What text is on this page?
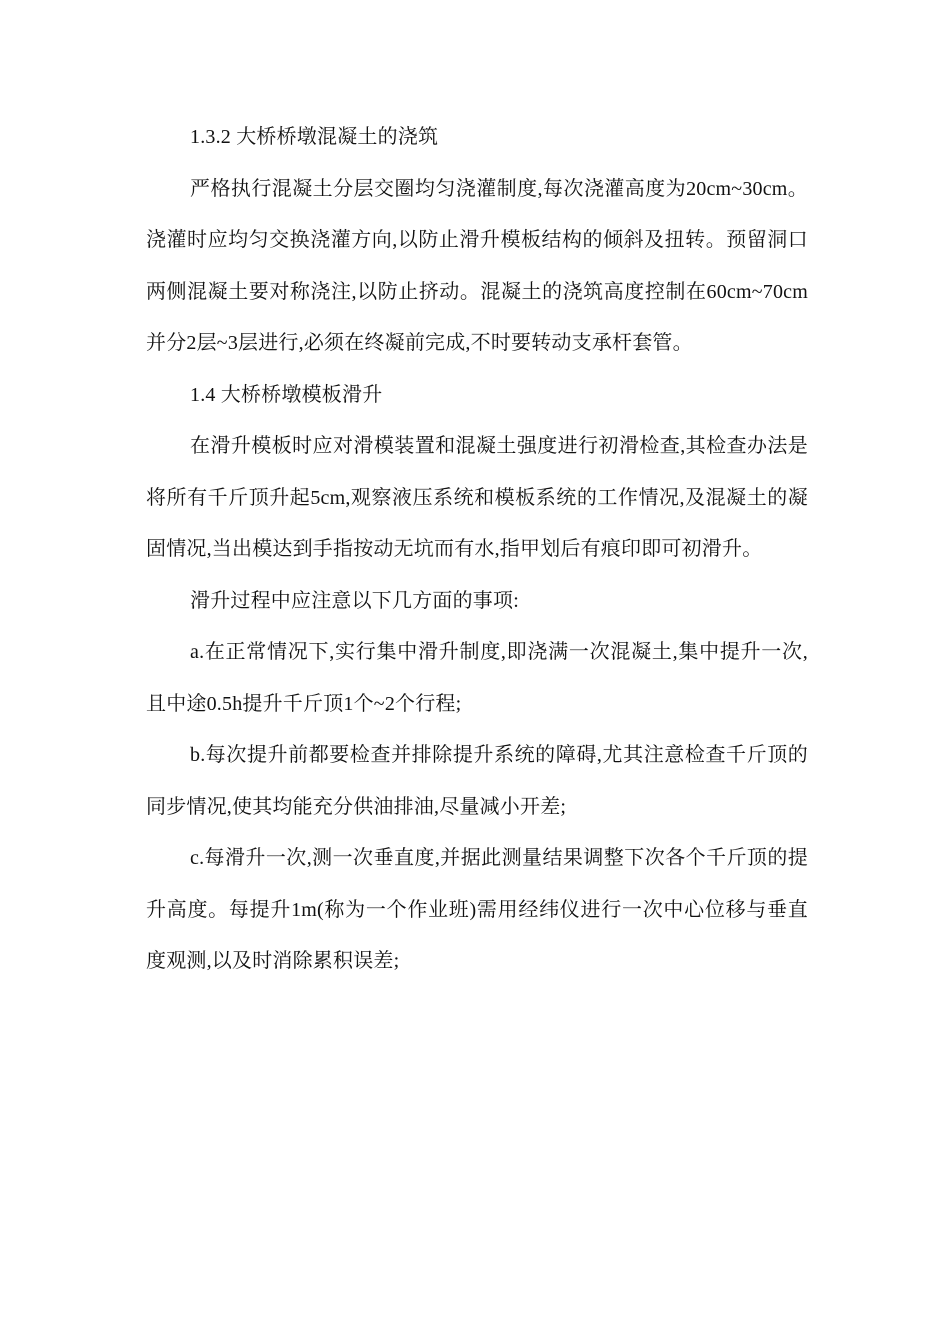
1.3.2 大桥桥墩混凝土的浇筑

严格执行混凝土分层交圈均匀浇灌制度,每次浇灌高度为20cm~30cm。浇灌时应均匀交换浇灌方向,以防止滑升模板结构的倾斜及扭转。预留洞口两侧混凝土要对称浇注,以防止挤动。混凝土的浇筑高度控制在60cm~70cm并分2层~3层进行,必须在终凝前完成,不时要转动支承杆套管。

1.4 大桥桥墩模板滑升

在滑升模板时应对滑模装置和混凝土强度进行初滑检查,其检查办法是将所有千斤顶升起5cm,观察液压系统和模板系统的工作情况,及混凝土的凝固情况,当出模达到手指按动无坑而有水,指甲划后有痕印即可初滑升。

滑升过程中应注意以下几方面的事项:

a.在正常情况下,实行集中滑升制度,即浇满一次混凝土,集中提升一次,且中途0.5h提升千斤顶1个~2个行程;

b.每次提升前都要检查并排除提升系统的障碍,尤其注意检查千斤顶的同步情况,使其均能充分供油排油,尽量减小开差;

c.每滑升一次,测一次垂直度,并据此测量结果调整下次各个千斤顶的提升高度。每提升1m(称为一个作业班)需用经纬仪进行一次中心位移与垂直度观测,以及时消除累积误差;
